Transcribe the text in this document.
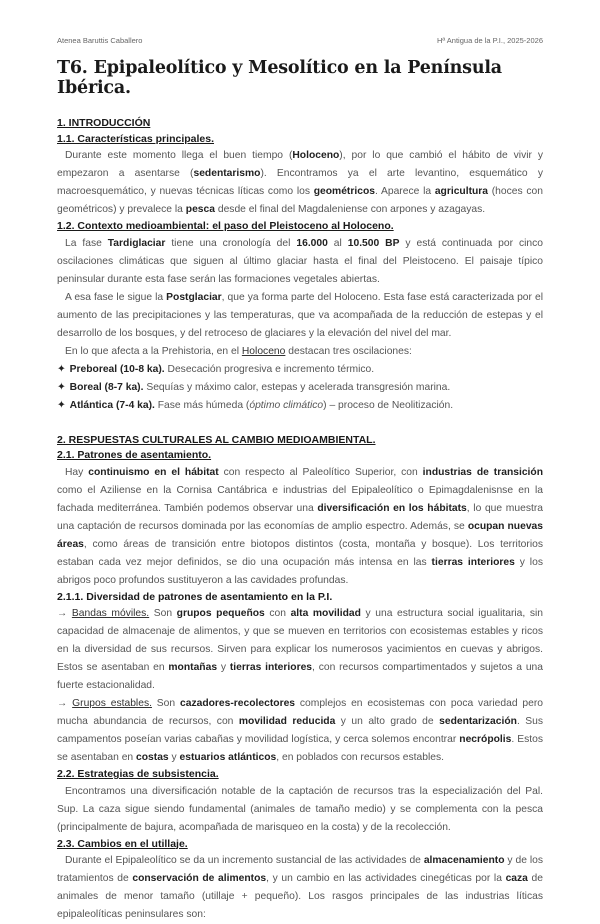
Atenea Baruttis Caballero	Hª Antigua de la P.I., 2025-2026
T6. Epipaleolítico y Mesolítico en la Península Ibérica.
1. INTRODUCCIÓN
1.1. Características principales.
Durante este momento llega el buen tiempo (Holoceno), por lo que cambió el hábito de vivir y empezaron a asentarse (sedentarismo). Encontramos ya el arte levantino, esquemático y macroesquemático, y nuevas técnicas líticas como los geométricos. Aparece la agricultura (hoces con geométricos) y prevalece la pesca desde el final del Magdaleniense con arpones y azagayas.
1.2. Contexto medioambiental: el paso del Pleistoceno al Holoceno.
La fase Tardiglaciar tiene una cronología del 16.000 al 10.500 BP y está continuada por cinco oscilaciones climáticas que siguen al último glaciar hasta el final del Pleistoceno. El paisaje típico peninsular durante esta fase serán las formaciones vegetales abiertas.
A esa fase le sigue la Postglaciar, que ya forma parte del Holoceno. Esta fase está caracterizada por el aumento de las precipitaciones y las temperaturas, que va acompañada de la reducción de estepas y el desarrollo de los bosques, y del retroceso de glaciares y la elevación del nivel del mar.
En lo que afecta a la Prehistoria, en el Holoceno destacan tres oscilaciones:
✦ Preboreal (10-8 ka). Desecación progresiva e incremento térmico.
✦ Boreal (8-7 ka). Sequías y máximo calor, estepas y acelerada transgresión marina.
✦ Atlántica (7-4 ka). Fase más húmeda (óptimo climático) – proceso de Neolitización.
2. RESPUESTAS CULTURALES AL CAMBIO MEDIOAMBIENTAL.
2.1. Patrones de asentamiento.
Hay continuismo en el hábitat con respecto al Paleolítico Superior, con industrias de transición como el Aziliense en la Cornisa Cantábrica e industrias del Epipaleolítico o Epimagdalenisnse en la fachada mediterránea. También podemos observar una diversificación en los hábitats, lo que muestra una captación de recursos dominada por las economías de amplio espectro. Además, se ocupan nuevas áreas, como áreas de transición entre biotopos distintos (costa, montaña y bosque). Los territorios estaban cada vez mejor definidos, se dio una ocupación más intensa en las tierras interiores y los abrigos poco profundos sustituyeron a las cavidades profundas.
2.1.1. Diversidad de patrones de asentamiento en la P.I.
→ Bandas móviles. Son grupos pequeños con alta movilidad y una estructura social igualitaria, sin capacidad de almacenaje de alimentos, y que se mueven en territorios con ecosistemas estables y ricos en la diversidad de sus recursos. Sirven para explicar los numerosos yacimientos en cuevas y abrigos. Estos se asentaban en montañas y tierras interiores, con recursos compartimentados y sujetos a una fuerte estacionalidad.
→ Grupos estables. Son cazadores-recolectores complejos en ecosistemas con poca variedad pero mucha abundancia de recursos, con movilidad reducida y un alto grado de sedentarización. Sus campamentos poseían varias cabañas y movilidad logística, y cerca solemos encontrar necrópolis. Estos se asentaban en costas y estuarios atlánticos, en poblados con recursos estables.
2.2. Estrategias de subsistencia.
Encontramos una diversificación notable de la captación de recursos tras la especialización del Pal. Sup. La caza sigue siendo fundamental (animales de tamaño medio) y se complementa con la pesca (principalmente de bajura, acompañada de marisqueo en la costa) y de la recolección.
2.3. Cambios en el utillaje.
Durante el Epipaleolítico se da un incremento sustancial de las actividades de almacenamiento y de los tratamientos de conservación de alimentos, y un cambio en las actividades cinegéticas por la caza de animales de menor tamaño (utillaje + pequeño). Los rasgos principales de las industrias líticas epipaleolíticas peninsulares son:
